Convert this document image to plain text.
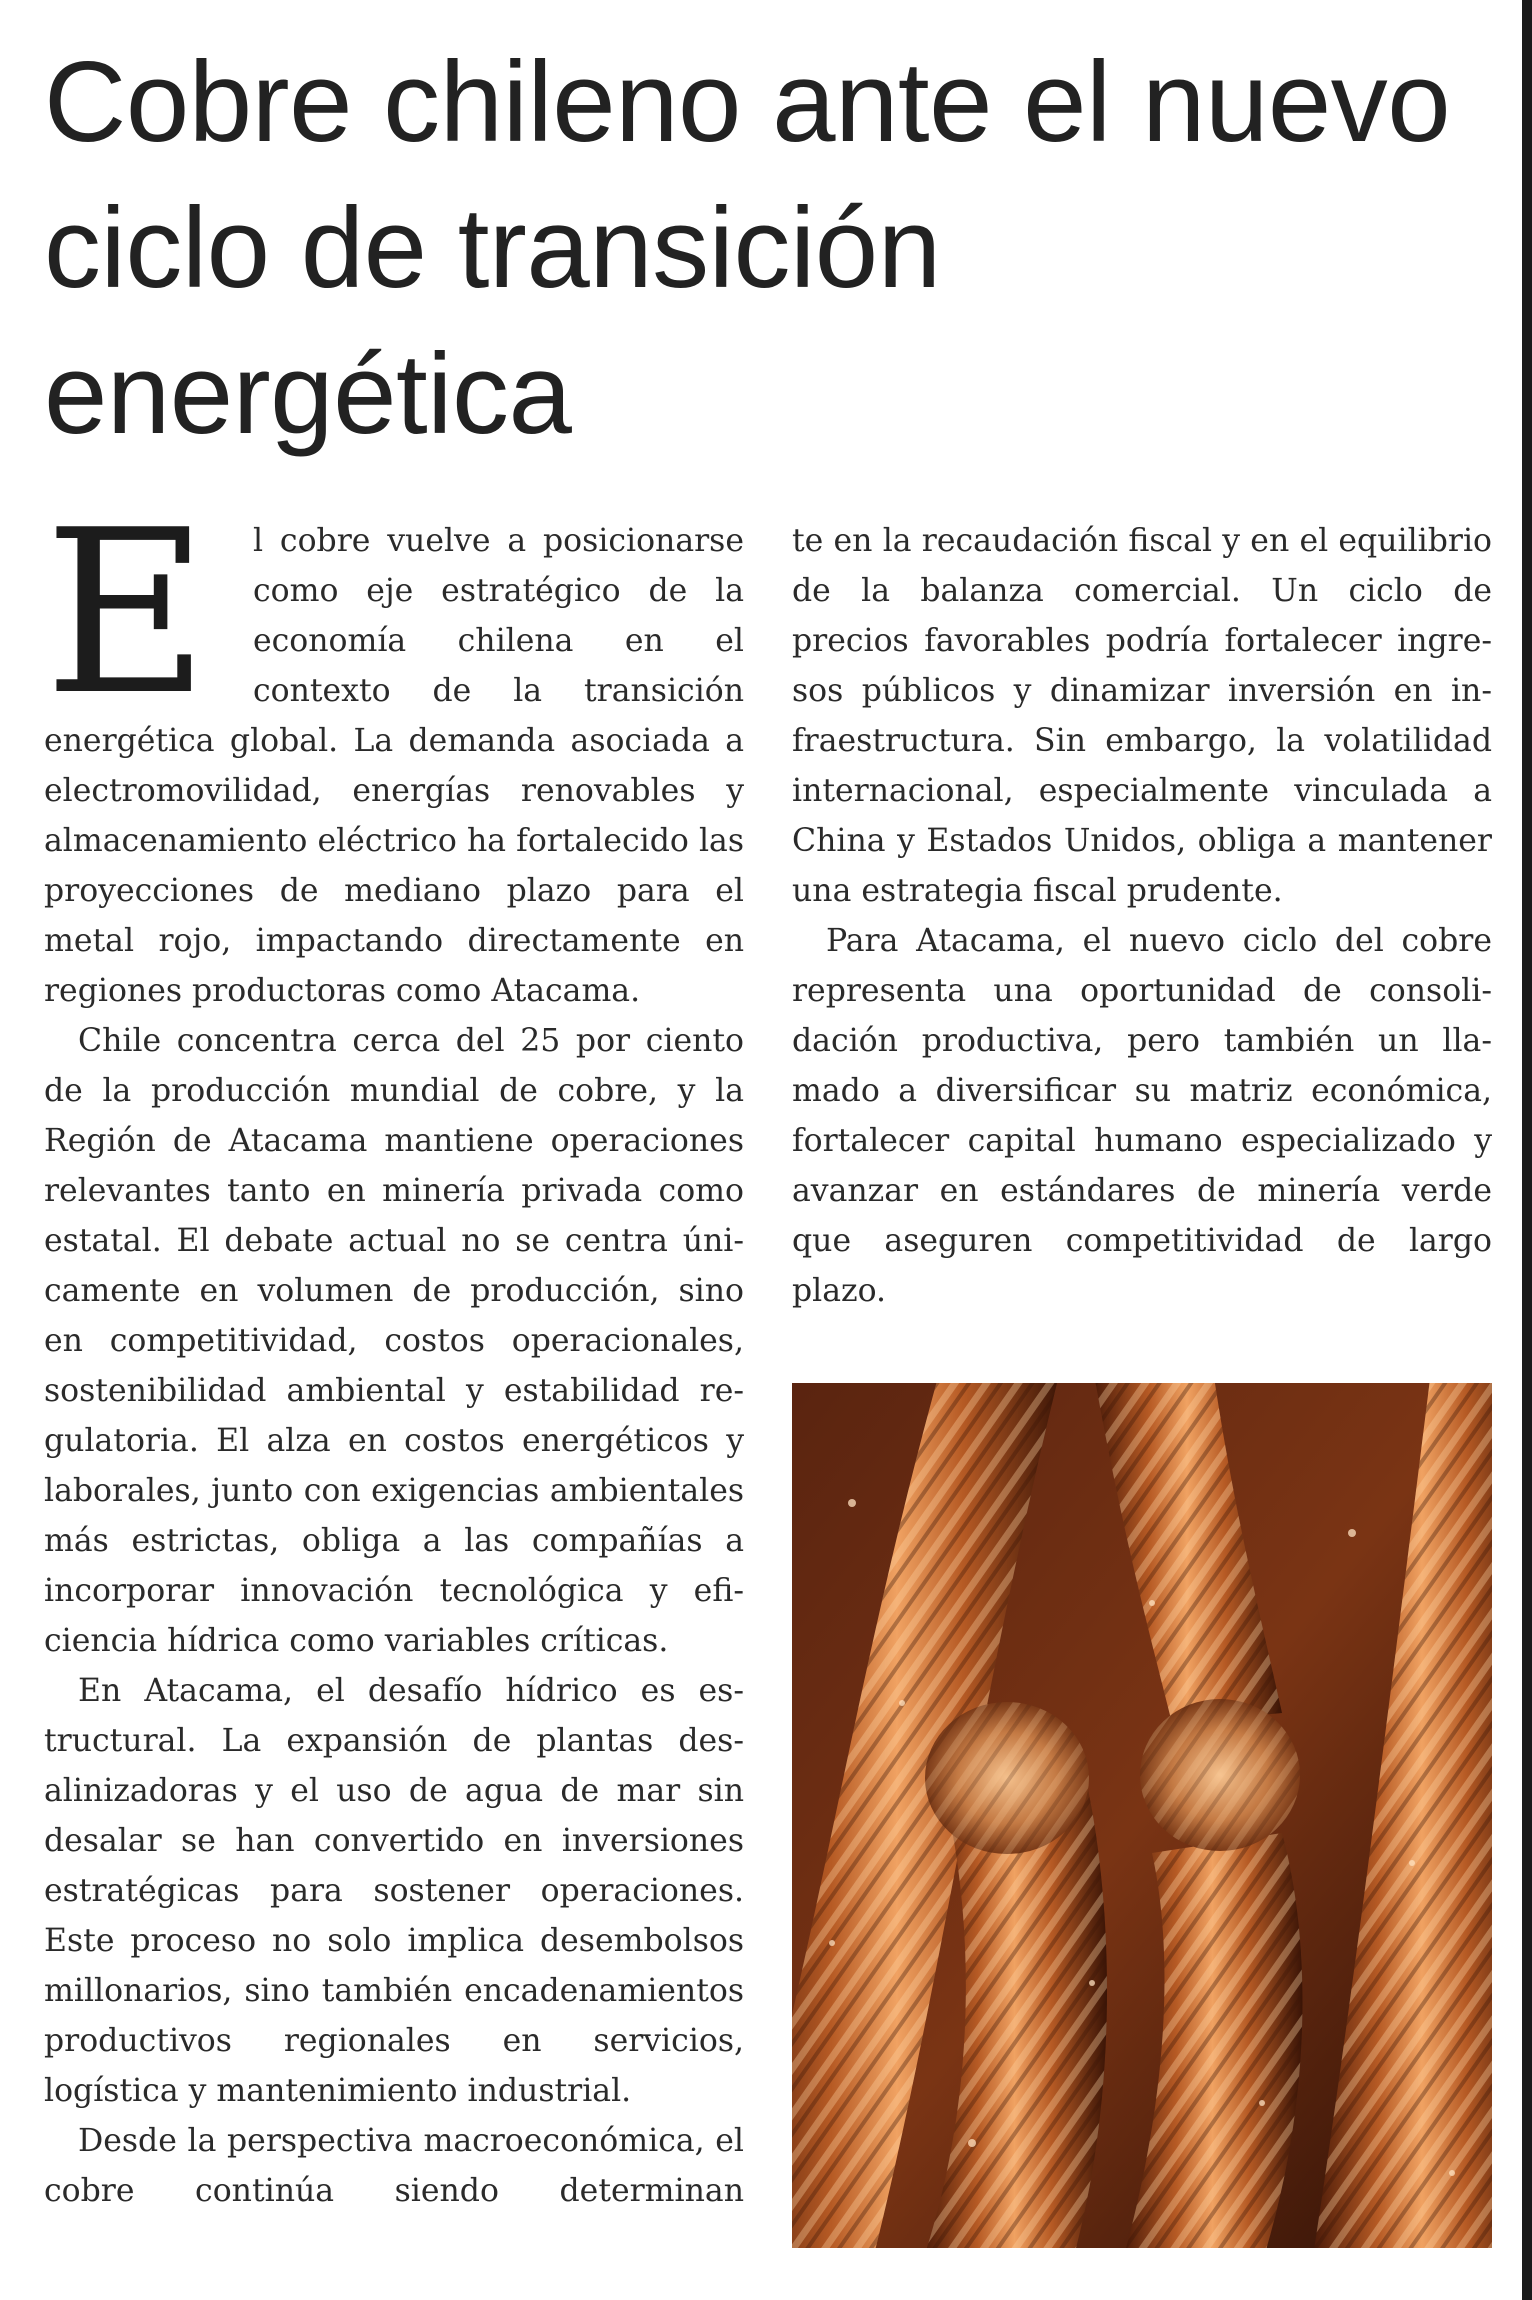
Cobre chileno ante el nuevo ciclo de transición energética

E l cobre vuelve a posicionarse como eje estratégico de la economía chilena en el contexto de la transición energética global. La demanda asociada a electromovilidad, energías renovables y almacenamiento eléctrico ha fortalecido las proyecciones de mediano plazo para el metal rojo, impactando directamente en regiones productoras como Atacama.

Chile concentra cerca del 25 por ciento de la producción mundial de cobre, y la Región de Atacama mantiene operaciones relevantes tanto en minería privada como estatal. El debate actual no se centra únicamente en volumen de producción, sino en competitividad, costos operacionales, sostenibilidad ambiental y estabilidad regulatoria. El alza en costos energéticos y laborales, junto con exigencias ambientales más estrictas, obliga a las compañías a incorporar innovación tecnológica y eficiencia hídrica como variables críticas.

En Atacama, el desafío hídrico es estructural. La expansión de plantas desalinizadoras y el uso de agua de mar sin desalar se han convertido en inversiones estratégicas para sostener operaciones. Este proceso no solo implica desembolsos millonarios, sino también encadenamientos productivos regionales en servicios, logística y mantenimiento industrial.

Desde la perspectiva macroeconómica, el cobre continúa siendo determinan

te en la recaudación fiscal y en el equilibrio de la balanza comercial. Un ciclo de precios favorables podría fortalecer ingresos públicos y dinamizar inversión en infraestructura. Sin embargo, la volatilidad internacional, especialmente vinculada a China y Estados Unidos, obliga a mantener una estrategia fiscal prudente.

Para Atacama, el nuevo ciclo del cobre representa una oportunidad de consolidación productiva, pero también un llamado a diversificar su matriz económica, fortalecer capital humano especializado y avanzar en estándares de minería verde que aseguren competitividad de largo plazo.
